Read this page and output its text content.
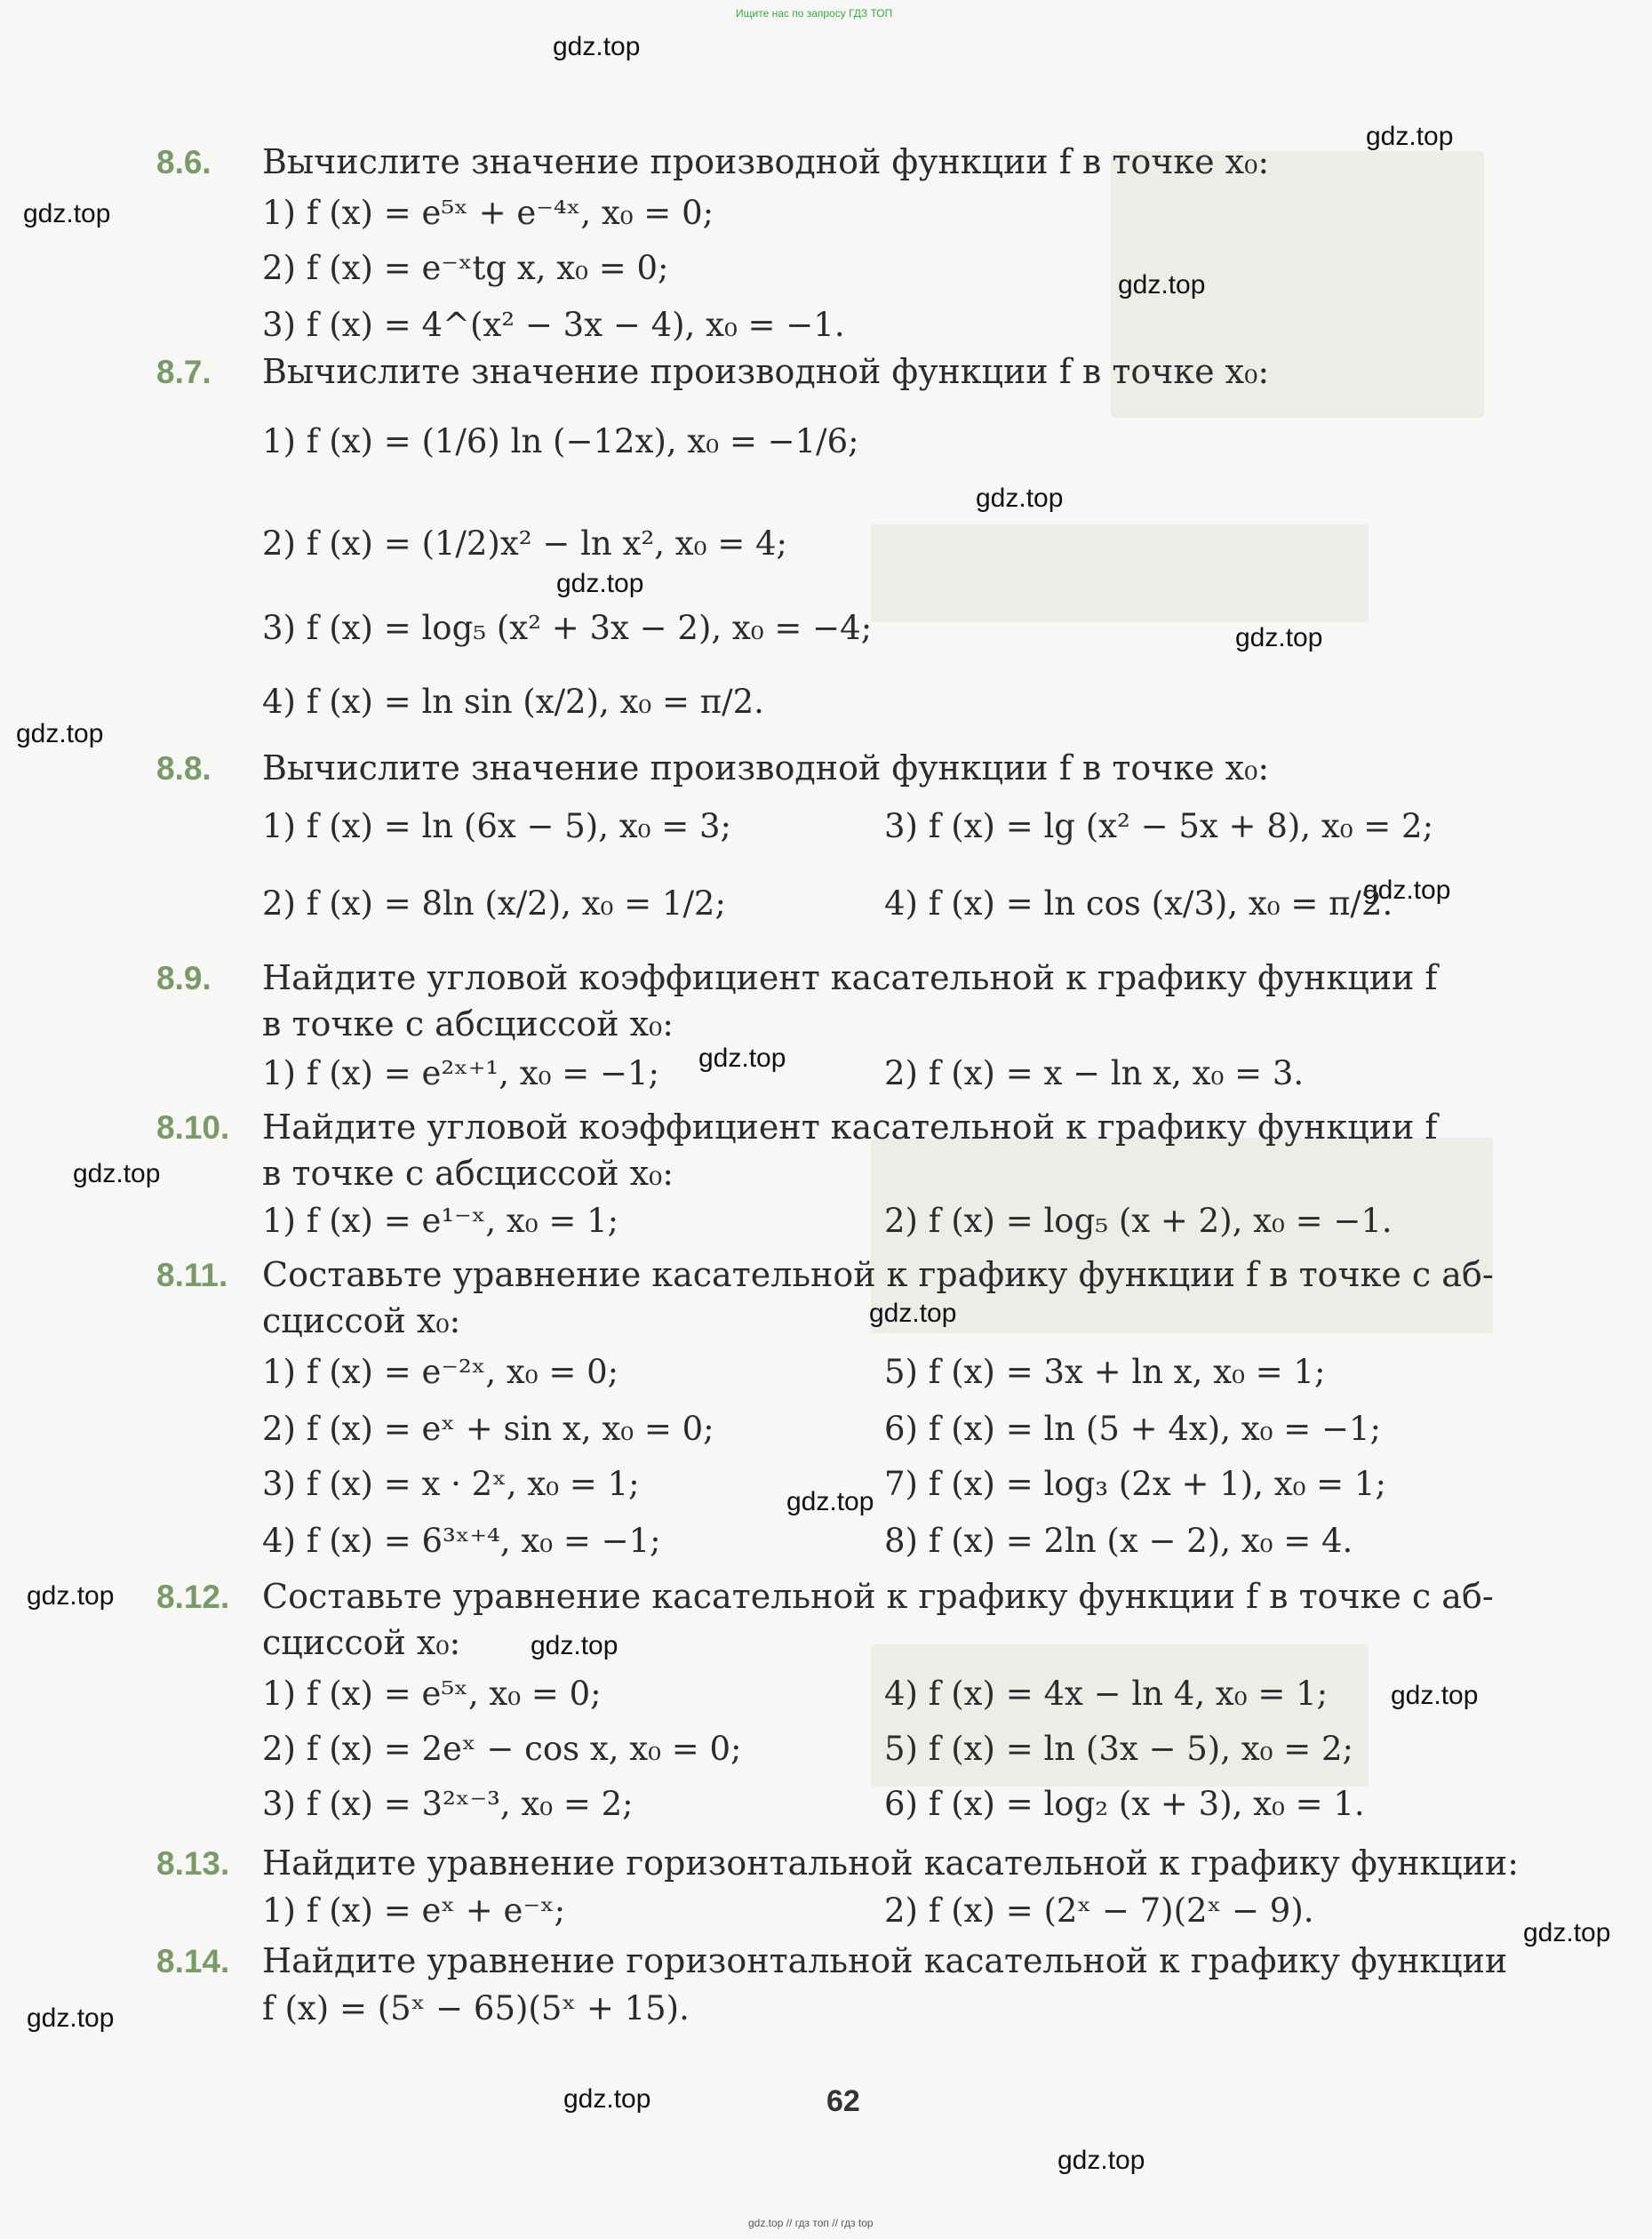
Ищите нас по запросу ГДЗ ТОП
gdz.top
gdz.top
gdz.top
gdz.top
gdz.top
gdz.top
gdz.top
gdz.top
gdz.top
gdz.top
gdz.top
gdz.top
gdz.top
gdz.top
gdz.top
gdz.top
gdz.top
gdz.top
gdz.top
gdz.top
8.6. Вычислите значение производной функции f в точке x₀:
1) f (x) = e⁵ˣ + e⁻⁴ˣ, x₀ = 0;
2) f (x) = e⁻ˣtg x, x₀ = 0;
3) f (x) = 4^(x² − 3x − 4), x₀ = −1.
8.7. Вычислите значение производной функции f в точке x₀:
1) f (x) = (1/6) ln (−12x), x₀ = −1/6;
2) f (x) = (1/2)x² − ln x², x₀ = 4;
3) f (x) = log₅ (x² + 3x − 2), x₀ = −4;
4) f (x) = ln sin (x/2), x₀ = π/2.
8.8. Вычислите значение производной функции f в точке x₀:
1) f (x) = ln (6x − 5), x₀ = 3;	3) f (x) = lg (x² − 5x + 8), x₀ = 2;
2) f (x) = 8ln (x/2), x₀ = 1/2;	4) f (x) = ln cos (x/3), x₀ = π/2.
8.9. Найдите угловой коэффициент касательной к графику функции f
в точке с абсциссой x₀:
1) f (x) = e²ˣ⁺¹, x₀ = −1;	2) f (x) = x − ln x, x₀ = 3.
8.10. Найдите угловой коэффициент касательной к графику функции f
в точке с абсциссой x₀:
1) f (x) = e¹⁻ˣ, x₀ = 1;	2) f (x) = log₅ (x + 2), x₀ = −1.
8.11. Составьте уравнение касательной к графику функции f в точке с аб-
сциссой x₀:
1) f (x) = e⁻²ˣ, x₀ = 0;	5) f (x) = 3x + ln x, x₀ = 1;
2) f (x) = eˣ + sin x, x₀ = 0;	6) f (x) = ln (5 + 4x), x₀ = −1;
3) f (x) = x · 2ˣ, x₀ = 1;	7) f (x) = log₃ (2x + 1), x₀ = 1;
4) f (x) = 6³ˣ⁺⁴, x₀ = −1;	8) f (x) = 2ln (x − 2), x₀ = 4.
8.12. Составьте уравнение касательной к графику функции f в точке с аб-
сциссой x₀:
1) f (x) = e⁵ˣ, x₀ = 0;	4) f (x) = 4x − ln 4, x₀ = 1;
2) f (x) = 2eˣ − cos x, x₀ = 0;	5) f (x) = ln (3x − 5), x₀ = 2;
3) f (x) = 3²ˣ⁻³, x₀ = 2;	6) f (x) = log₂ (x + 3), x₀ = 1.
8.13. Найдите уравнение горизонтальной касательной к графику функции:
1) f (x) = eˣ + e⁻ˣ;	2) f (x) = (2ˣ − 7)(2ˣ − 9).
8.14. Найдите уравнение горизонтальной касательной к графику функции
f (x) = (5ˣ − 65)(5ˣ + 15).
62
gdz.top // гдз топ // гдз top
